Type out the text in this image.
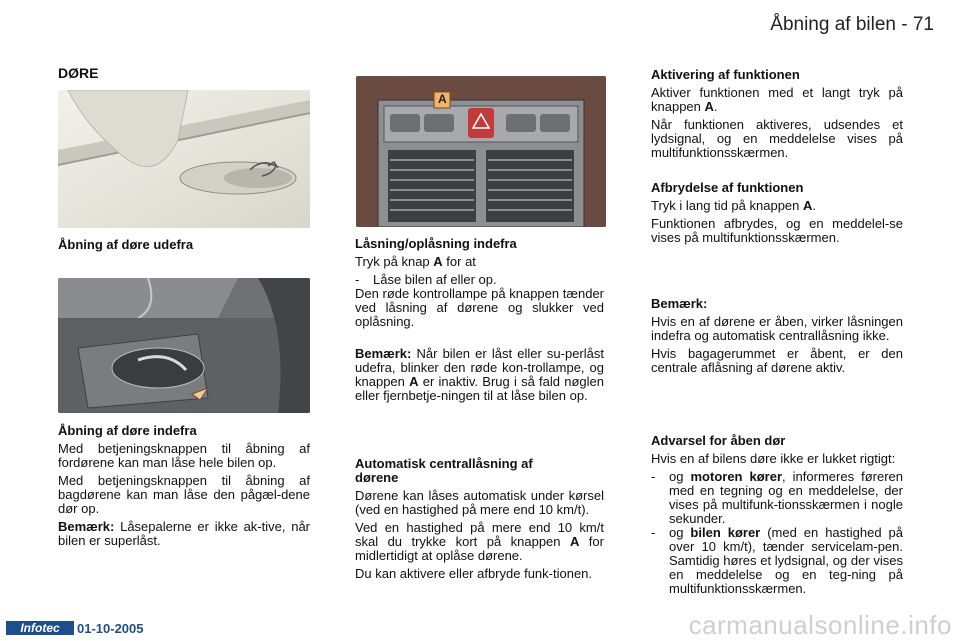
Åbning af bilen - 71
DØRE
Åbning af døre udefra
Åbning af døre indefra

Med betjeningsknappen til åbning af fordørene kan man låse hele bilen op.

Med betjeningsknappen til åbning af bagdørene kan man låse den pågæl-dene dør op.

Bemærk: Låsepalerne er ikke ak-tive, når bilen er superlåst.

A
Låsning/oplåsning indefra

Tryk på knap A for at

- Låse bilen af eller op.

Den røde kontrollampe på knappen tænder ved låsning af dørene og slukker ved oplåsning.

Bemærk: Når bilen er låst eller su-perlåst udefra, blinker den røde kon-trollampe, og knappen A er inaktiv. Brug i så fald nøglen eller fjernbetje-ningen til at låse bilen op.

Automatisk centrallåsning af dørene

Dørene kan låses automatisk under kørsel (ved en hastighed på mere end 10 km/t).

Ved en hastighed på mere end 10 km/t skal du trykke kort på knappen A for midlertidigt at oplåse dørene.

Du kan aktivere eller afbryde funk-tionen.

Aktivering af funktionen

Aktiver funktionen med et langt tryk på knappen A.

Når funktionen aktiveres, udsendes et lydsignal, og en meddelelse vises på multifunktionsskærmen.

Afbrydelse af funktionen

Tryk i lang tid på knappen A.

Funktionen afbrydes, og en meddelel-se vises på multifunktionsskærmen.

Bemærk:

Hvis en af dørene er åben, virker låsningen indefra og automatisk centrallåsning ikke.

Hvis bagagerummet er åbent, er den centrale aflåsning af dørene aktiv.

Advarsel for åben dør

Hvis en af bilens døre ikke er lukket rigtigt:

- og motoren kører, informeres føreren med en tegning og en meddelelse, der vises på multifunk-tionsskærmen i nogle sekunder.
- og bilen kører (med en hastighed på over 10 km/t), tænder servicelam-pen. Samtidig høres et lydsignal, og der vises en meddelelse og en teg-ning på multifunktionsskærmen.
Infotec	01-10-2005	carmanualsonline.info
